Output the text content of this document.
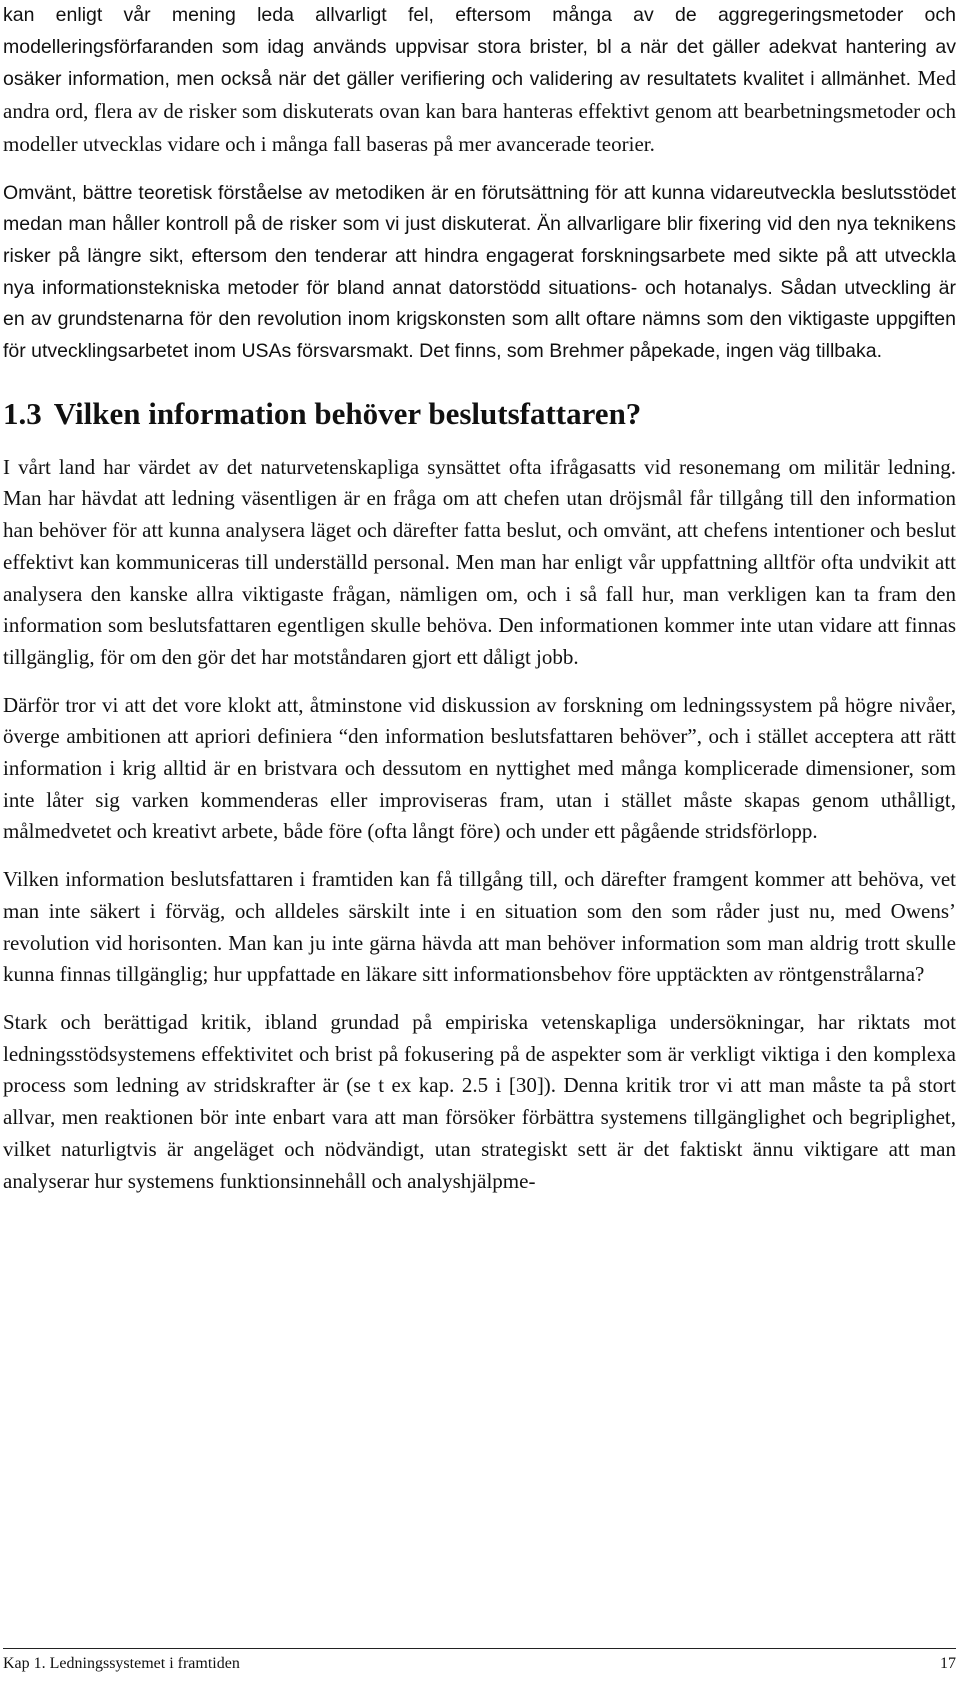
kan enligt vår mening leda allvarligt fel, eftersom många av de aggregeringsmetoder och modelleringsförfaranden som idag används uppvisar stora brister, bl a när det gäller adekvat hantering av osäker information, men också när det gäller verifiering och validering av resultatets kvalitet i allmänhet. Med andra ord, flera av de risker som diskuterats ovan kan bara hanteras effektivt genom att bearbetningsmetoder och modeller utvecklas vidare och i många fall baseras på mer avancerade teorier.

Omvänt, bättre teoretisk förståelse av metodiken är en förutsättning för att kunna vidareutveckla beslutsstödet medan man håller kontroll på de risker som vi just diskuterat. Än allvarligare blir fixering vid den nya teknikens risker på längre sikt, eftersom den tenderar att hindra engagerat forskningsarbete med sikte på att utveckla nya informationstekniska metoder för bland annat datorstödd situations- och hotanalys. Sådan utveckling är en av grundstenarna för den revolution inom krigskonsten som allt oftare nämns som den viktigaste uppgiften för utvecklingsarbetet inom USAs försvarsmakt. Det finns, som Brehmer påpekade, ingen väg tillbaka.

1.3 Vilken information behöver beslutsfattaren?

I vårt land har värdet av det naturvetenskapliga synsättet ofta ifrågasatts vid resonemang om militär ledning. Man har hävdat att ledning väsentligen är en fråga om att chefen utan dröjsmål får tillgång till den information han behöver för att kunna analysera läget och därefter fatta beslut, och omvänt, att chefens intentioner och beslut effektivt kan kommuniceras till underställd personal. Men man har enligt vår uppfattning alltför ofta undvikit att analysera den kanske allra viktigaste frågan, nämligen om, och i så fall hur, man verkligen kan ta fram den information som beslutsfattaren egentligen skulle behöva. Den informationen kommer inte utan vidare att finnas tillgänglig, för om den gör det har motståndaren gjort ett dåligt jobb.

Därför tror vi att det vore klokt att, åtminstone vid diskussion av forskning om ledningssystem på högre nivåer, överge ambitionen att apriori definiera “den information beslutsfattaren behöver”, och i stället acceptera att rätt information i krig alltid är en bristvara och dessutom en nyttighet med många komplicerade dimensioner, som inte låter sig varken kommenderas eller improviseras fram, utan i stället måste skapas genom uthålligt, målmedvetet och kreativt arbete, både före (ofta långt före) och under ett pågående stridsförlopp.

Vilken information beslutsfattaren i framtiden kan få tillgång till, och därefter framgent kommer att behöva, vet man inte säkert i förväg, och alldeles särskilt inte i en situation som den som råder just nu, med Owens’ revolution vid horisonten. Man kan ju inte gärna hävda att man behöver information som man aldrig trott skulle kunna finnas tillgänglig; hur uppfattade en läkare sitt informationsbehov före upptäckten av röntgenstrålarna?

Stark och berättigad kritik, ibland grundad på empiriska vetenskapliga undersökningar, har riktats mot ledningsstödsystemens effektivitet och brist på fokusering på de aspekter som är verkligt viktiga i den komplexa process som ledning av stridskrafter är (se t ex kap. 2.5 i [30]). Denna kritik tror vi att man måste ta på stort allvar, men reaktionen bör inte enbart vara att man försöker förbättra systemens tillgänglighet och begriplighet, vilket naturligtvis är angeläget och nödvändigt, utan strategiskt sett är det faktiskt ännu viktigare att man analyserar hur systemens funktionsinnehåll och analyshjälpme-

Kap 1. Ledningssystemet i framtiden	17
